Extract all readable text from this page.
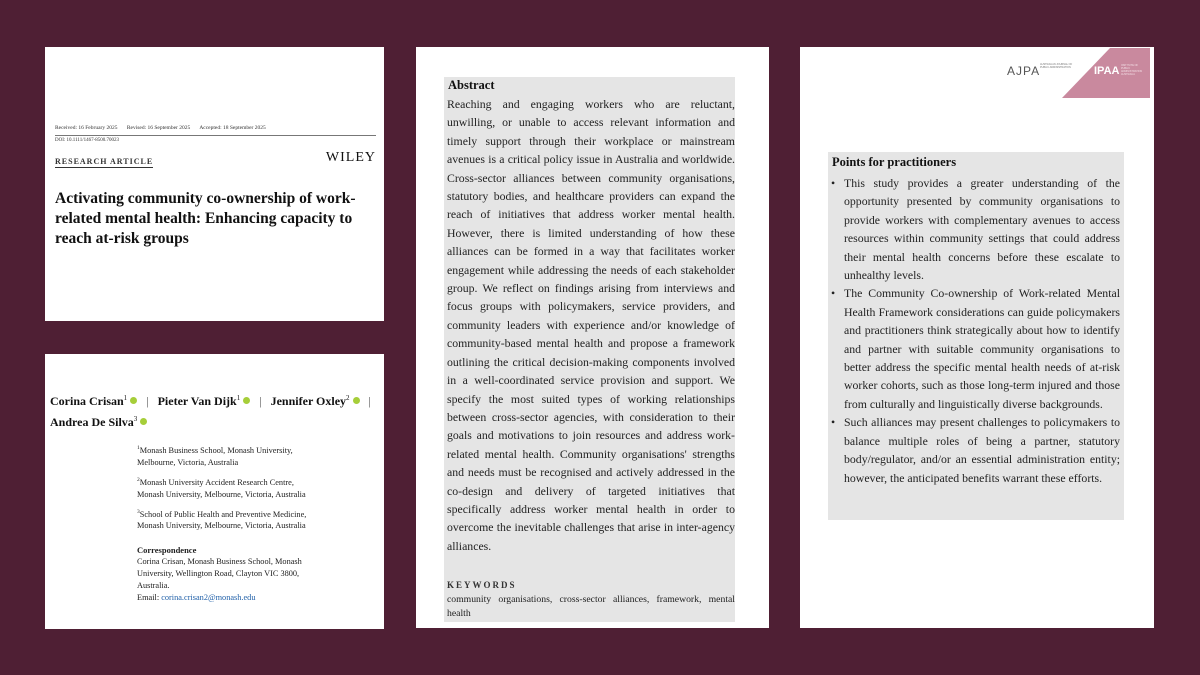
Received: 16 February 2025 Revised: 16 September 2025 Accepted: 18 September 2025
DOI: 10.1111/1467-8500.70023
RESEARCH ARTICLE	WILEY
Activating community co-ownership of work-related mental health: Enhancing capacity to reach at-risk groups
Corina Crisan$^1$ | Pieter Van Dijk$^1$ | Jennifer Oxley$^2$ |
Andrea De Silva$^3$
$^1$Monash Business School, Monash University, Melbourne, Victoria, Australia
$^2$Monash University Accident Research Centre, Monash University, Melbourne, Victoria, Australia
$^3$School of Public Health and Preventive Medicine, Monash University, Melbourne, Victoria, Australia
Correspondence
Corina Crisan, Monash Business School, Monash University, Wellington Road, Clayton VIC 3800, Australia.
Email: corina.crisan2@monash.edu
Abstract
Reaching and engaging workers who are reluctant, unwilling, or unable to access relevant information and timely support through their workplace or mainstream avenues is a critical policy issue in Australia and worldwide. Cross-sector alliances between community organisations, statutory bodies, and healthcare providers can expand the reach of initiatives that address worker mental health. However, there is limited understanding of how these alliances can be formed in a way that facilitates worker engagement while addressing the needs of each stakeholder group. We reflect on findings arising from interviews and focus groups with policymakers, service providers, and community leaders with experience and/or knowledge of community-based mental health and propose a framework outlining the critical decision-making components involved in a well-coordinated service provision and support. We specify the most suited types of working relationships between cross-sector agencies, with consideration to their goals and motivations to join resources and address work-related mental health. Community organisations' strengths and needs must be recognised and actively addressed in the co-design and delivery of targeted initiatives that specifically address worker mental health in order to overcome the inevitable challenges that arise in inter-agency alliances.
KEYWORDS
community organisations, cross-sector alliances, framework, mental health
AJPA AUSTRALIAN JOURNAL OF PUBLIC ADMINISTRATION	IPAA INSTITUTE OF PUBLIC ADMINISTRATION AUSTRALIA
Points for practitioners
• This study provides a greater understanding of the opportunity presented by community organisations to provide workers with complementary avenues to access resources within community settings that could address their mental health concerns before these escalate to unhealthy levels.
• The Community Co-ownership of Work-related Mental Health Framework considerations can guide policymakers and practitioners think strategically about how to identify and partner with suitable community organisations to better address the specific mental health needs of at-risk worker cohorts, such as those long-term injured and those from culturally and linguistically diverse backgrounds.
• Such alliances may present challenges to policymakers to balance multiple roles of being a partner, statutory body/regulator, and/or an essential administration entity; however, the anticipated benefits warrant these efforts.
